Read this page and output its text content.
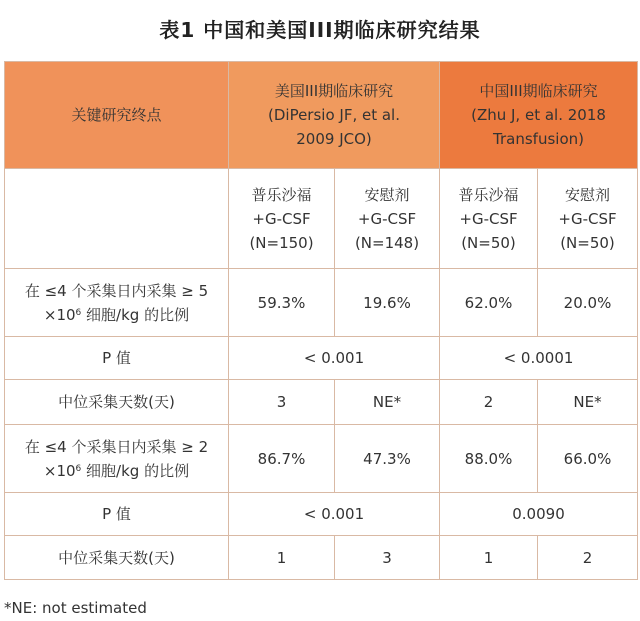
表1 中国和美国III期临床研究结果
关键研究终点	美国III期临床研究
(DiPersio JF, et al.
2009 JCO)		中国III期临床研究
(Zhu J, et al. 2018
Transfusion)	

	普乐沙福
+G-CSF
(N=150)	安慰剂
+G-CSF
(N=148)	普乐沙福
+G-CSF
(N=50)	安慰剂
+G-CSF
(N=50)

在 ≤4 个采集日内采集 ≥ 5
$\times 10^6$ 细胞/kg 的比例	59.3%	19.6%	62.0%	20.0%
P 值	< 0.001		< 0.0001	
中位采集天数(天)	3	NE*	2	NE*

在 ≤4 个采集日内采集 ≥ 2
$\times 10^6$ 细胞/kg 的比例	86.7%	47.3%	88.0%	66.0%
P 值	< 0.001		0.0090	
中位采集天数(天)	1	3	1	2
*NE: not estimated
